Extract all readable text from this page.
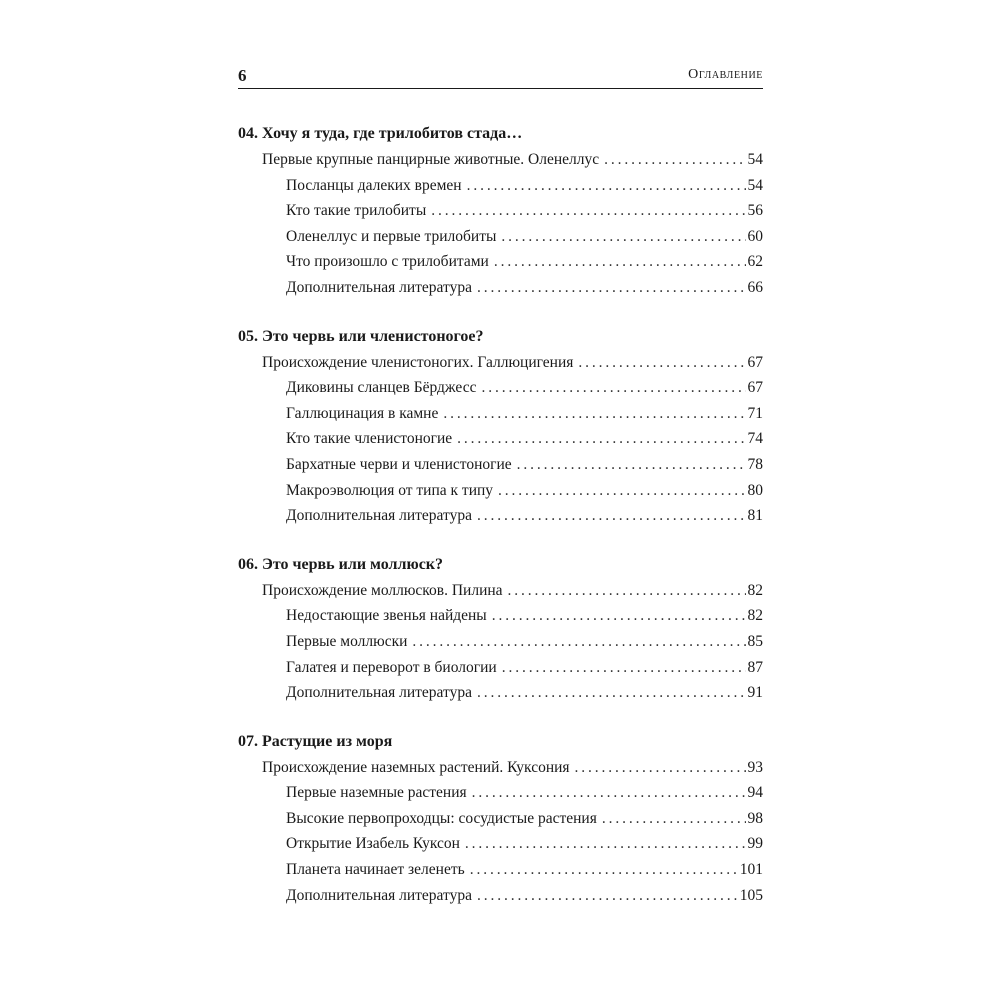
6	Оглавление
04. Хочу я туда, где трилобитов стада…
Первые крупные панцирные животные. Оленеллус . . .	54
Посланцы далеких времен . . .	54
Кто такие трилобиты . . .	56
Оленеллус и первые трилобиты . . .	60
Что произошло с трилобитами . . .	62
Дополнительная литература . . .	66
05. Это червь или членистоногое?
Происхождение членистоногих. Галлюцигения . . .	67
Диковины сланцев Бёрджесс . . .	67
Галлюцинация в камне . . .	71
Кто такие членистоногие . . .	74
Бархатные черви и членистоногие . . .	78
Макроэволюция от типа к типу . . .	80
Дополнительная литература . . .	81
06. Это червь или моллюск?
Происхождение моллюсков. Пилина . . .	82
Недостающие звенья найдены . . .	82
Первые моллюски . . .	85
Галатея и переворот в биологии . . .	87
Дополнительная литература . . .	91
07. Растущие из моря
Происхождение наземных растений. Куксония . . .	93
Первые наземные растения . . .	94
Высокие первопроходцы: сосудистые растения . . .	98
Открытие Изабель Куксон . . .	99
Планета начинает зеленеть . . .	101
Дополнительная литература . . .	105
